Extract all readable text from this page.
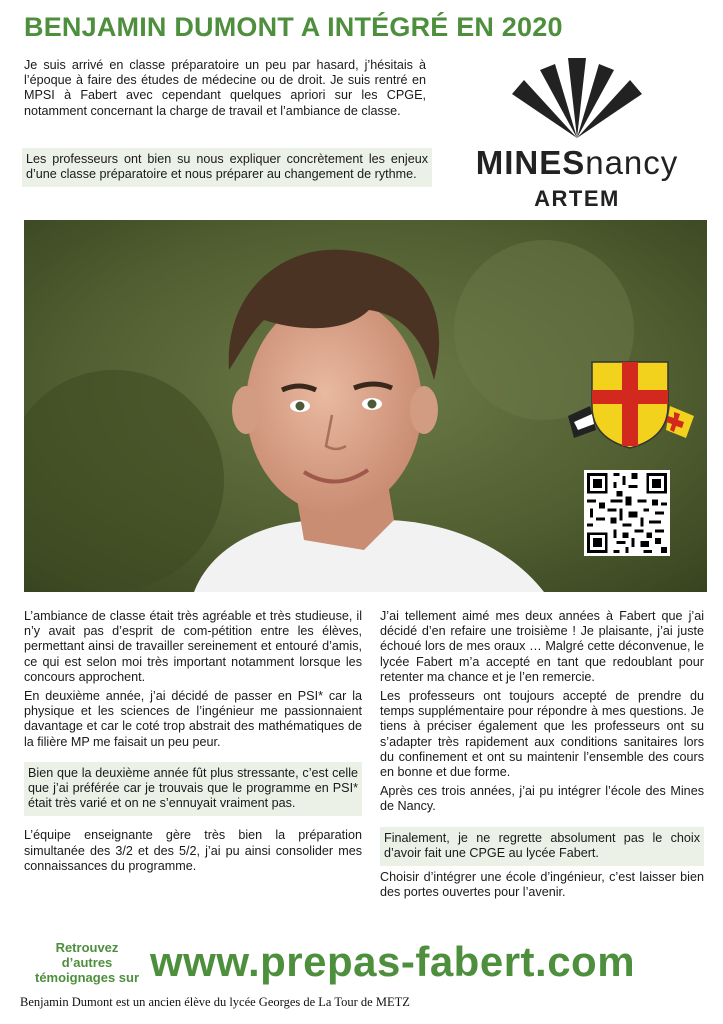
BENJAMIN DUMONT A INTÉGRÉ EN 2020

Je suis arrivé en classe préparatoire un peu par hasard, j’hésitais à l’époque à faire des études de médecine ou de droit. Je suis rentré en MPSI à Fabert avec cependant quelques apriori sur les CPGE, notamment concernant la charge de travail et l’ambiance de classe.

Les professeurs ont bien su nous expliquer concrètement les enjeux d’une classe préparatoire et nous préparer au changement de rythme.	MINESnancy
ARTEM

L’ambiance de classe était très agréable et très studieuse, il n’y avait pas d’esprit de com-pétition entre les élèves, permettant ainsi de travailler sereinement et entouré d’amis, ce qui est selon moi très important notamment lorsque les concours approchent.

En deuxième année, j’ai décidé de passer en PSI* car la physique et les sciences de l’ingénieur me passionnaient davantage et car le coté trop abstrait des mathématiques de la filière MP me faisait un peu peur.

Bien que la deuxième année fût plus stressante, c’est celle que j’ai préférée car je trouvais que le programme en PSI* était très varié et on ne s’ennuyait vraiment pas.

L’équipe enseignante gère très bien la préparation simultanée des 3/2 et des 5/2, j’ai pu ainsi consolider mes connaissances du programme.

J’ai tellement aimé mes deux années à Fabert que j’ai décidé d’en refaire une troisième ! Je plaisante, j’ai juste échoué lors de mes oraux … Malgré cette déconvenue, le lycée Fabert m’a accepté en tant que redoublant pour retenter ma chance et je l’en remercie.

Les professeurs ont toujours accepté de prendre du temps supplémentaire pour répondre à mes questions. Je tiens à préciser également que les professeurs ont su s’adapter très rapidement aux conditions sanitaires lors du confinement et ont su maintenir l’ensemble des cours en bonne et due forme.

Après ces trois années, j’ai pu intégrer l’école des Mines de Nancy.

Finalement, je ne regrette absolument pas le choix d’avoir fait une CPGE au lycée Fabert.

Choisir d’intégrer une école d’ingénieur, c’est laisser bien des portes ouvertes pour l’avenir.

Retrouvez
d’autres
témoignages sur www.prepas-fabert.com
Benjamin Dumont est un ancien élève du lycée Georges de La Tour de METZ
